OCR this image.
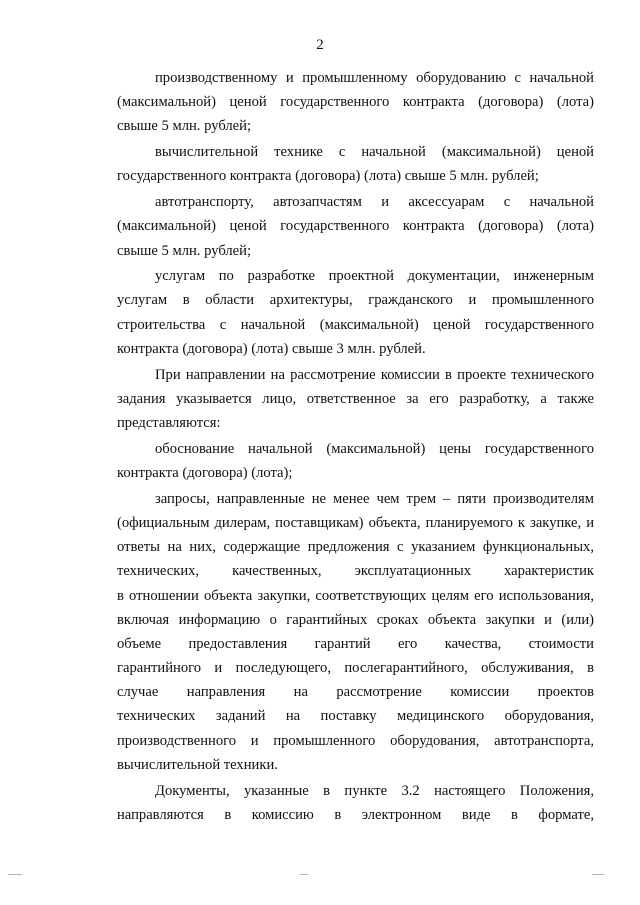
2
производственному и промышленному оборудованию с начальной
(максимальной) ценой государственного контракта (договора) (лота)
свыше 5 млн. рублей;
вычислительной технике с начальной (максимальной) ценой
государственного контракта (договора) (лота) свыше 5 млн. рублей;
автотранспорту, автозапчастям и аксессуарам с начальной
(максимальной) ценой государственного контракта (договора) (лота)
свыше 5 млн. рублей;
услугам по разработке проектной документации, инженерным
услугам в области архитектуры, гражданского и промышленного
строительства с начальной (максимальной) ценой государственного
контракта (договора) (лота) свыше 3 млн. рублей.
При направлении на рассмотрение комиссии в проекте технического
задания указывается лицо, ответственное за его разработку, а также
представляются:
обоснование начальной (максимальной) цены государственного
контракта (договора) (лота);
запросы, направленные не менее чем трем – пяти производителям
(официальным дилерам, поставщикам) объекта, планируемого к закупке, и
ответы на них, содержащие предложения с указанием функциональных,
технических, качественных, эксплуатационных характеристик
в отношении объекта закупки, соответствующих целям его использования,
включая информацию о гарантийных сроках объекта закупки и (или)
объеме предоставления гарантий его качества, стоимости
гарантийного и последующего, послегарантийного, обслуживания, в
случае направления на рассмотрение комиссии проектов
технических заданий на поставку медицинского оборудования,
производственного и промышленного оборудования, автотранспорта,
вычислительной техники.
Документы, указанные в пункте 3.2 настоящего Положения,
направляются в комиссию в электронном виде в формате,
